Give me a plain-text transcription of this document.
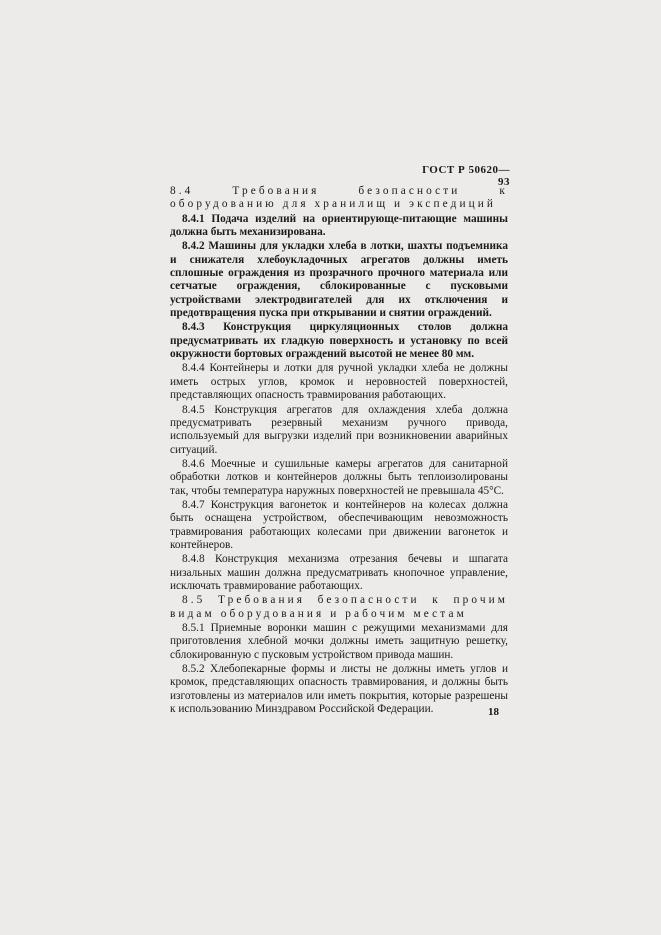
ГОСТ Р 50620—93

8.4 Требования безопасности к оборудованию для хранилищ и экспедиций

8.4.1 Подача изделий на ориентирующе-питающие машины должна быть механизирована.

8.4.2 Машины для укладки хлеба в лотки, шахты подъемника и снижателя хлебоукладочных агрегатов должны иметь сплошные ограждения из прозрачного прочного материала или сетчатые ограждения, сблокированные с пусковыми устройствами электродвигателей для их отключения и предотвращения пуска при открывании и снятии ограждений.

8.4.3 Конструкция циркуляционных столов должна предусматривать их гладкую поверхность и установку по всей окружности бортовых ограждений высотой не менее 80 мм.

8.4.4 Контейнеры и лотки для ручной укладки хлеба не должны иметь острых углов, кромок и неровностей поверхностей, представляющих опасность травмирования работающих.

8.4.5 Конструкция агрегатов для охлаждения хлеба должна предусматривать резервный механизм ручного привода, используемый для выгрузки изделий при возникновении аварийных ситуаций.

8.4.6 Моечные и сушильные камеры агрегатов для санитарной обработки лотков и контейнеров должны быть теплоизолированы так, чтобы температура наружных поверхностей не превышала 45°С.

8.4.7 Конструкция вагонеток и контейнеров на колесах должна быть оснащена устройством, обеспечивающим невозможность травмирования работающих колесами при движении вагонеток и контейнеров.

8.4.8 Конструкция механизма отрезания бечевы и шпагата низальных машин должна предусматривать кнопочное управление, исключать травмирование работающих.

8.5 Требования безопасности к прочим видам оборудования и рабочим местам

8.5.1 Приемные воронки машин с режущими механизмами для приготовления хлебной мочки должны иметь защитную решетку, сблокированную с пусковым устройством привода машин.

8.5.2 Хлебопекарные формы и листы не должны иметь углов и кромок, представляющих опасность травмирования, и должны быть изготовлены из материалов или иметь покрытия, которые разрешены к использованию Минздравом Российской Федерации.	18
